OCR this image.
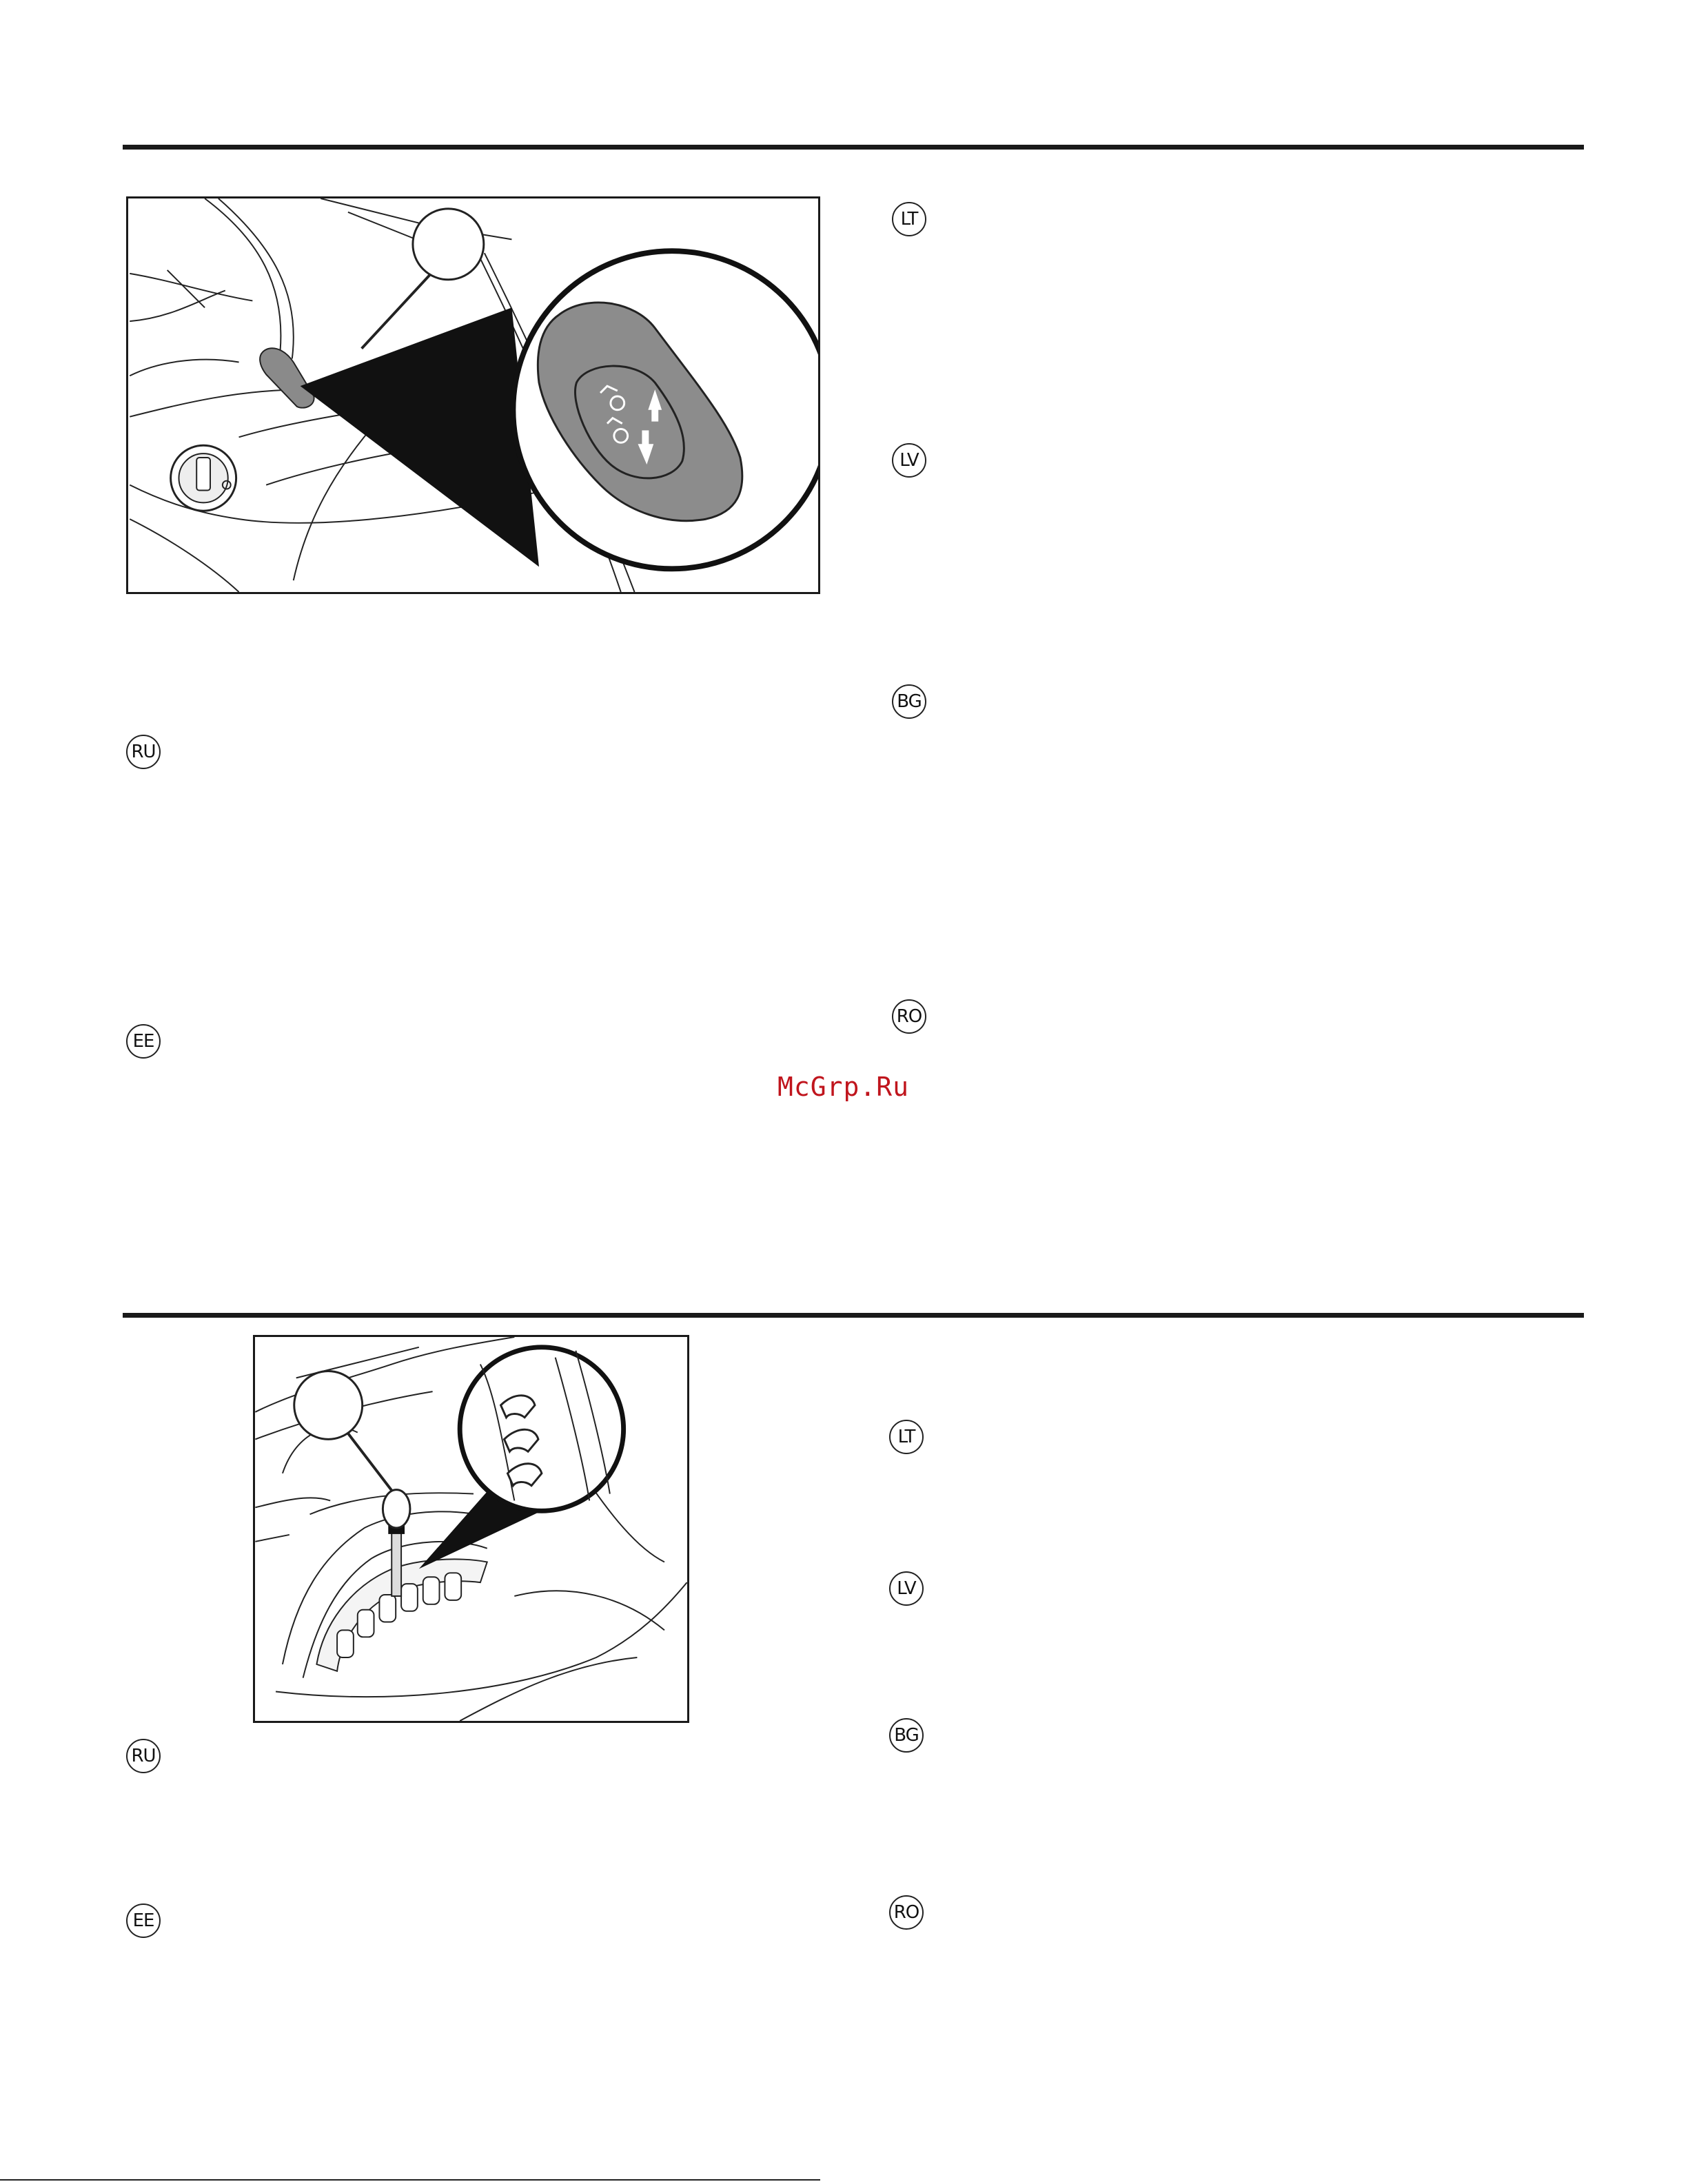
RU
EE
LT
LV
BG
RO
McGrp.Ru
RU
EE
LT
LV
BG
RO
